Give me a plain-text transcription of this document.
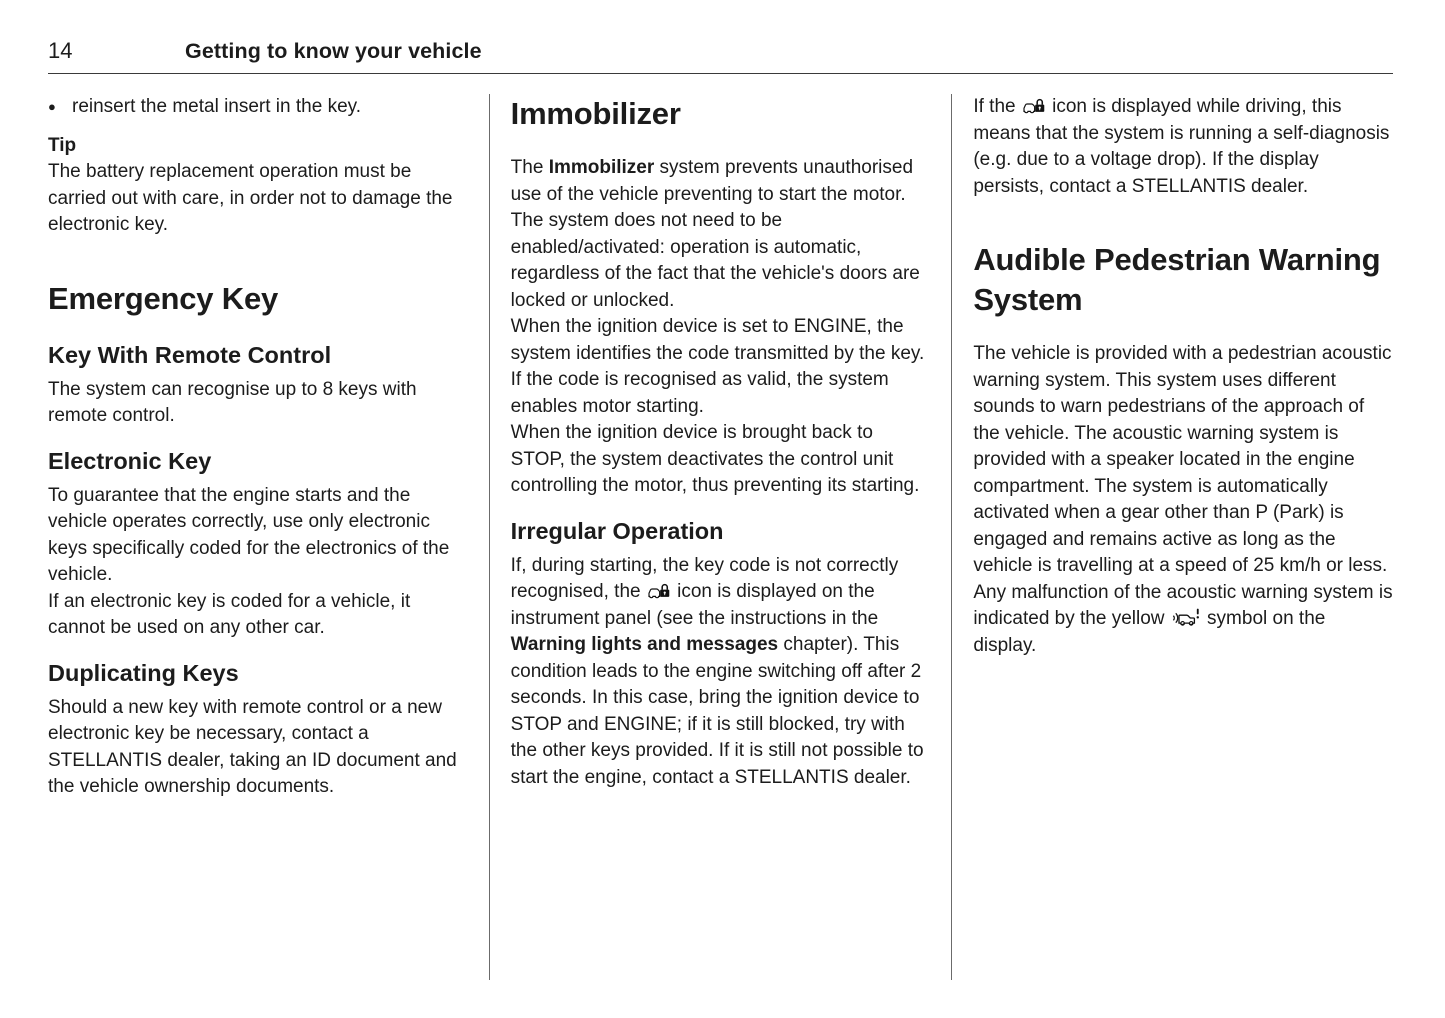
14	Getting to know your vehicle
● reinsert the metal insert in the key.

Tip

The battery replacement operation must be carried out with care, in order not to damage the electronic key.

Emergency Key
Key With Remote Control

The system can recognise up to 8 keys with remote control.

Electronic Key

To guarantee that the engine starts and the vehicle operates correctly, use only electronic keys specifically coded for the electronics of the vehicle.

If an electronic key is coded for a vehicle, it cannot be used on any other car.

Duplicating Keys

Should a new key with remote control or a new electronic key be necessary, contact a STELLANTIS dealer, taking an ID document and the vehicle ownership documents.

Immobilizer

The Immobilizer system prevents unauthorised use of the vehicle preventing to start the motor.

The system does not need to be enabled/activated: operation is automatic, regardless of the fact that the vehicle's doors are locked or unlocked.

When the ignition device is set to ENGINE, the system identifies the code transmitted by the key. If the code is recognised as valid, the system enables motor starting.

When the ignition device is brought back to STOP, the system deactivates the control unit controlling the motor, thus preventing its starting.

Irregular Operation

If, during starting, the key code is not correctly recognised, the  icon is displayed on the instrument panel (see the instructions in the Warning lights and messages chapter). This condition leads to the engine switching off after 2 seconds. In this case, bring the ignition device to STOP and ENGINE; if it is still blocked, try with the other keys provided. If it is still not possible to start the engine, contact a STELLANTIS dealer.

If the  icon is displayed while driving, this means that the system is running a self-diagnosis (e.g. due to a voltage drop). If the display persists, contact a STELLANTIS dealer.

Audible Pedestrian Warning System

The vehicle is provided with a pedestrian acoustic warning system. This system uses different sounds to warn pedestrians of the approach of the vehicle. The acoustic warning system is provided with a speaker located in the engine compartment. The system is automatically activated when a gear other than P (Park) is engaged and remains active as long as the vehicle is travelling at a speed of 25 km/h or less. Any malfunction of the acoustic warning system is indicated by the yellow  symbol on the display.
